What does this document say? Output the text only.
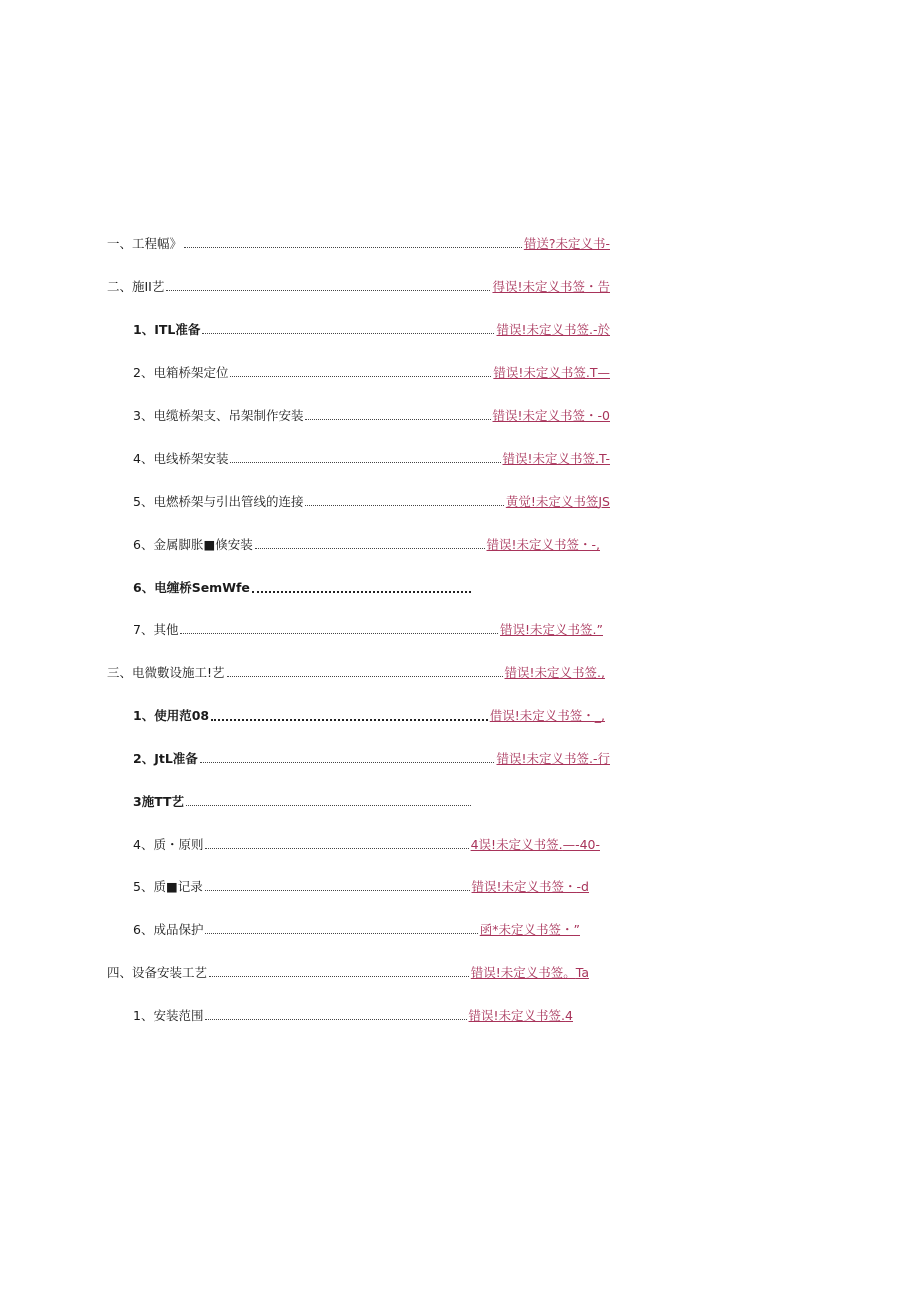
一、工程幅》	错送?未定义书 -
二、施II艺	得误!未定义书签 ・告
1、ITL准备	错误!未定义书签. -於
2、电箱桥架定位	错误!未定义书签. T—
3、电缆桥架支、吊架制作安装	错误!未定义书签 ・-0
4、电线桥架安装	错误!未定义书签. T-
5、电燃桥架与引出管线的连接	黄觉!未定义书签 JS
6、金属脚胀■倏安装	错误!未定义书签・ -,
6、电缠桥SemWfe
7、其他	错误!未定义书签. ”
三、电微數设施工!艺	错误!未定义书签. ,
1、使用范08	借误!未定义书签・ _,
2、JtL准备	错误!未定义书签. -行
3施TT艺
4、质・原则	4误!未定义书签. —-40-
5、质■记录	错误!未定义书签・ -d
6、成品保护	函*未定义书签・ ”
四、设备安装工艺	错误!未定义书签。 Ta
1、安装范围	错误!未定义书签. 4
